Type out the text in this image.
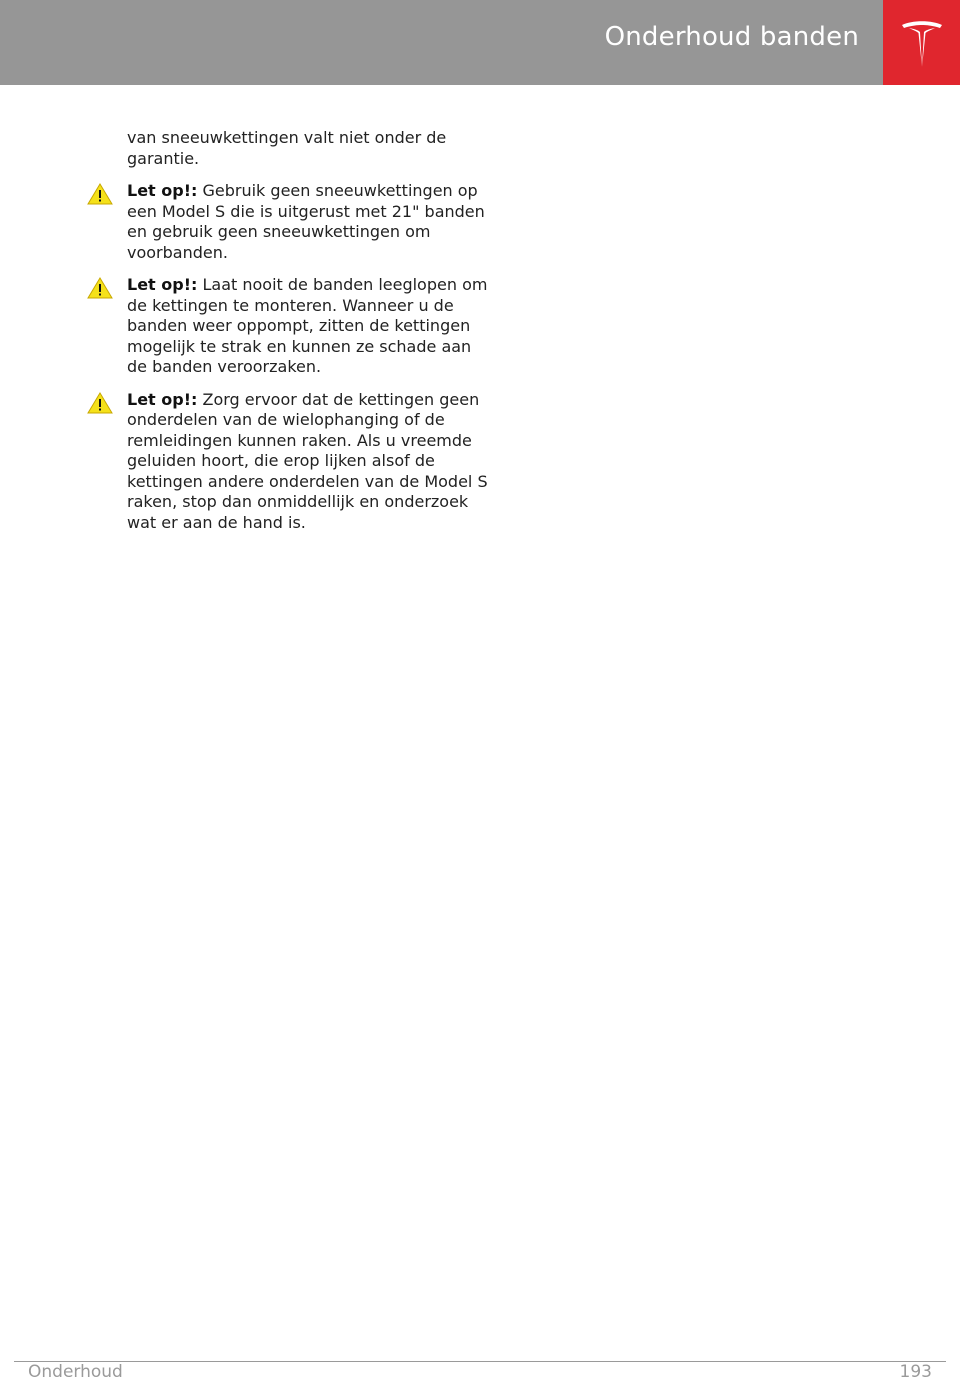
Onderhoud banden

van sneeuwkettingen valt niet onder de garantie.

Let op!: Gebruik geen sneeuwkettingen op een Model S die is uitgerust met 21" banden en gebruik geen sneeuwkettingen om voorbanden.
Let op!: Laat nooit de banden leeglopen om de kettingen te monteren. Wanneer u de banden weer oppompt, zitten de kettingen mogelijk te strak en kunnen ze schade aan de banden veroorzaken.
Let op!: Zorg ervoor dat de kettingen geen onderdelen van de wielophanging of de remleidingen kunnen raken. Als u vreemde geluiden hoort, die erop lijken alsof de kettingen andere onderdelen van de Model S raken, stop dan onmiddellijk en onderzoek wat er aan de hand is.
Onderhoud	193
